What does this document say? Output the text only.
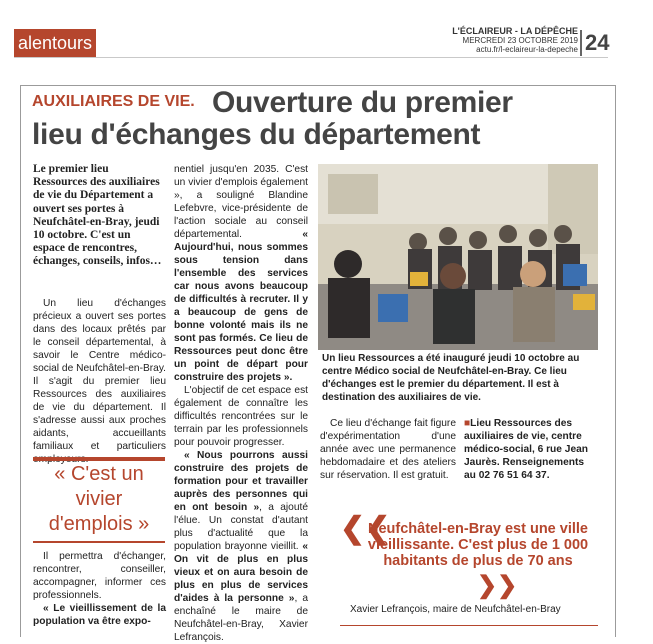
alentours
L'ÉCLAIREUR - LA DÉPÊCHE
MERCREDI 23 OCTOBRE 2019
actu.fr/l-eclaireur-la-depeche 24
AUXILIAIRES DE VIE. Ouverture du premier
lieu d'échanges du département
Le premier lieu Ressources des auxiliaires de vie du Département a ouvert ses portes à Neufchâtel-en-Bray, jeudi 10 octobre. C'est un espace de rencontres, échanges, conseils, infos…

Un lieu d'échanges précieux a ouvert ses portes dans des locaux prêtés par le conseil départemental, à savoir le Centre médico-social de Neufchâtel-en-Bray. Il s'agit du premier lieu Ressources des auxiliaires de vie du département. Il s'adresse aussi aux proches aidants, accueillants familiaux et particuliers

« C'est un vivier d'emplois »

Il permettra d'échanger, rencontrer, conseiller, accompagner, informer ces professionnels.

« Le vieillissement de la population va être expo-

nentiel jusqu'en 2035. C'est un vivier d'emplois également », a souligné Blandine Lefebvre, vice-présidente de l'action sociale au conseil départemental.	« Aujourd'hui, nous sommes sous tension dans l'ensemble des services car nous avons beaucoup de difficultés à recruter. Il y a beaucoup de gens de bonne volonté mais ils ne sont pas formés. Ce lieu de Ressources peut donc être un point de départ pour construire des projets ».

L'objectif de cet espace est également de connaître les difficultés rencontrées sur le terrain par les professionnels pour pouvoir progresser.

« Nous pourrons aussi construire des projets de formation pour et travailler auprès des personnes qui en ont besoin », a ajouté l'élue. Un constat d'autant plus d'actualité que la population brayonne vieillit. « On vit de plus en plus vieux et on aura besoin de plus en plus de services d'aides à la personne », a enchaîné le maire de Neufchâtel-en-Bray, Xavier Lefrançois.

Un lieu Ressources a été inauguré jeudi 10 octobre au centre Médico social de Neufchâtel-en-Bray. Ce lieu d'échanges est le premier du département. Il est à destination des auxiliaires de vie.

Ce lieu d'échange fait figure d'expérimentation d'une année avec une permanence hebdomadaire et des ateliers sur réservation. Il est gratuit.

■Lieu Ressources des auxiliaires de vie, centre médico-social, 6 rue Jean Jaurès. Renseignements au 02 76 51 64 37.
❮❮
Neufchâtel-en-Bray est une ville vieillissante. C'est plus de 1 000 habitants de plus de 70 ans
❯❯
Xavier Lefrançois, maire de Neufchâtel-en-Bray
